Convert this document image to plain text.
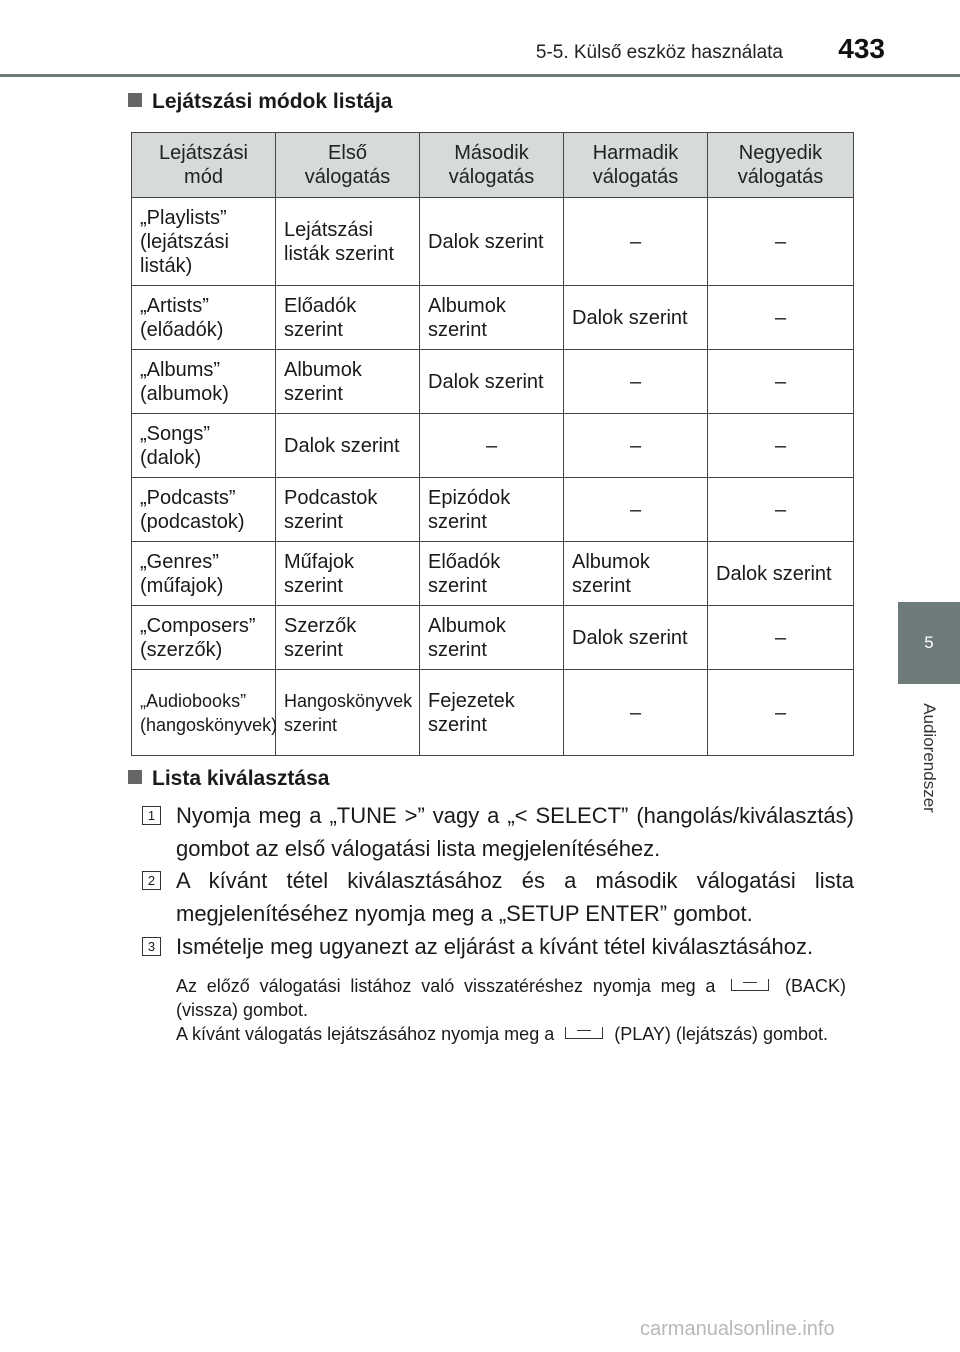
5-5. Külső eszköz használata	433
5
Audiorendszer
Lejátszási módok listája
Lejátszási mód	Első válogatás	Második válogatás	Harmadik válogatás	Negyedik válogatás
„Playlists” (lejátszási listák)	Lejátszási listák szerint	Dalok szerint	–	–
„Artists” (előadók)	Előadók szerint	Albumok szerint	Dalok szerint	–
„Albums” (albumok)	Albumok szerint	Dalok szerint	–	–
„Songs” (dalok)	Dalok szerint	–	–	–
„Podcasts” (podcastok)	Podcastok szerint	Epizódok szerint	–	–
„Genres” (műfajok)	Műfajok szerint	Előadók szerint	Albumok szerint	Dalok szerint
„Composers” (szerzők)	Szerzők szerint	Albumok szerint	Dalok szerint	–
„Audiobooks” (hangoskönyvek)	Hangoskönyvek szerint	Fejezetek szerint	–	–
Lista kiválasztása
1 Nyomja meg a „TUNE >” vagy a „< SELECT” (hangolás/kiválasztás) gombot az első válogatási lista megjelenítéséhez.
2 A kívánt tétel kiválasztásához és a második válogatási lista megjelenítéséhez nyomja meg a „SETUP ENTER” gombot.
3 Ismételje meg ugyanezt az eljárást a kívánt tétel kiválasztásához.
Az előző válogatási listához való visszatéréshez nyomja meg a	(BACK) (vissza) gombot.
A kívánt válogatás lejátszásához nyomja meg a	(PLAY) (lejátszás) gombot.
carmanualsonline.info
